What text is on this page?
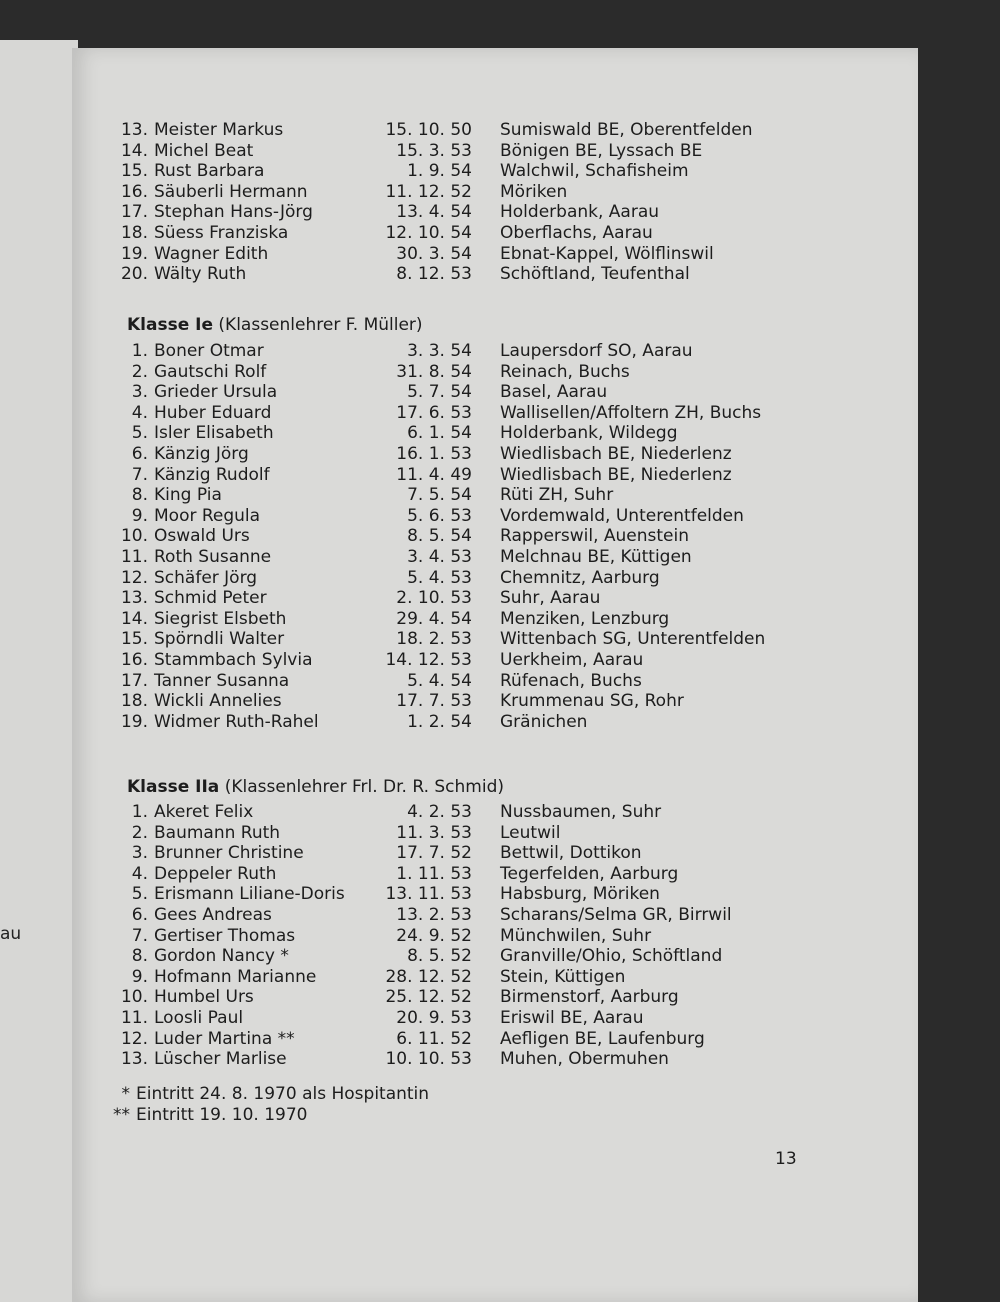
au
13. Meister Markus	15. 10. 50 Sumiswald BE, Oberentfelden
14. Michel Beat	15. 3. 53 Bönigen BE, Lyssach BE
15. Rust Barbara	1. 9. 54 Walchwil, Schafisheim
16. Säuberli Hermann	11. 12. 52 Möriken
17. Stephan Hans-Jörg	13. 4. 54 Holderbank, Aarau
18. Süess Franziska	12. 10. 54 Oberflachs, Aarau
19. Wagner Edith	30. 3. 54 Ebnat-Kappel, Wölflinswil
20. Wälty Ruth	8. 12. 53 Schöftland, Teufenthal
Klasse Ie (Klassenlehrer F. Müller)
1. Boner Otmar	3. 3. 54 Laupersdorf SO, Aarau
2. Gautschi Rolf	31. 8. 54 Reinach, Buchs
3. Grieder Ursula	5. 7. 54 Basel, Aarau
4. Huber Eduard	17. 6. 53 Wallisellen/Affoltern ZH, Buchs
5. Isler Elisabeth	6. 1. 54 Holderbank, Wildegg
6. Känzig Jörg	16. 1. 53 Wiedlisbach BE, Niederlenz
7. Känzig Rudolf	11. 4. 49 Wiedlisbach BE, Niederlenz
8. King Pia	7. 5. 54 Rüti ZH, Suhr
9. Moor Regula	5. 6. 53 Vordemwald, Unterentfelden
10. Oswald Urs	8. 5. 54 Rapperswil, Auenstein
11. Roth Susanne	3. 4. 53 Melchnau BE, Küttigen
12. Schäfer Jörg	5. 4. 53 Chemnitz, Aarburg
13. Schmid Peter	2. 10. 53 Suhr, Aarau
14. Siegrist Elsbeth	29. 4. 54 Menziken, Lenzburg
15. Spörndli Walter	18. 2. 53 Wittenbach SG, Unterentfelden
16. Stammbach Sylvia	14. 12. 53 Uerkheim, Aarau
17. Tanner Susanna	5. 4. 54 Rüfenach, Buchs
18. Wickli Annelies	17. 7. 53 Krummenau SG, Rohr
19. Widmer Ruth-Rahel	1. 2. 54 Gränichen
Klasse IIa (Klassenlehrer Frl. Dr. R. Schmid)
1. Akeret Felix	4. 2. 53 Nussbaumen, Suhr
2. Baumann Ruth	11. 3. 53 Leutwil
3. Brunner Christine	17. 7. 52 Bettwil, Dottikon
4. Deppeler Ruth	1. 11. 53 Tegerfelden, Aarburg
5. Erismann Liliane-Doris	13. 11. 53 Habsburg, Möriken
6. Gees Andreas	13. 2. 53 Scharans/Selma GR, Birrwil
7. Gertiser Thomas	24. 9. 52 Münchwilen, Suhr
8. Gordon Nancy *	8. 5. 52 Granville/Ohio, Schöftland
9. Hofmann Marianne	28. 12. 52 Stein, Küttigen
10. Humbel Urs	25. 12. 52 Birmenstorf, Aarburg
11. Loosli Paul	20. 9. 53 Eriswil BE, Aarau
12. Luder Martina **	6. 11. 52 Aefligen BE, Laufenburg
13. Lüscher Marlise	10. 10. 53 Muhen, Obermuhen
* Eintritt 24. 8. 1970 als Hospitantin
** Eintritt 19. 10. 1970
13
